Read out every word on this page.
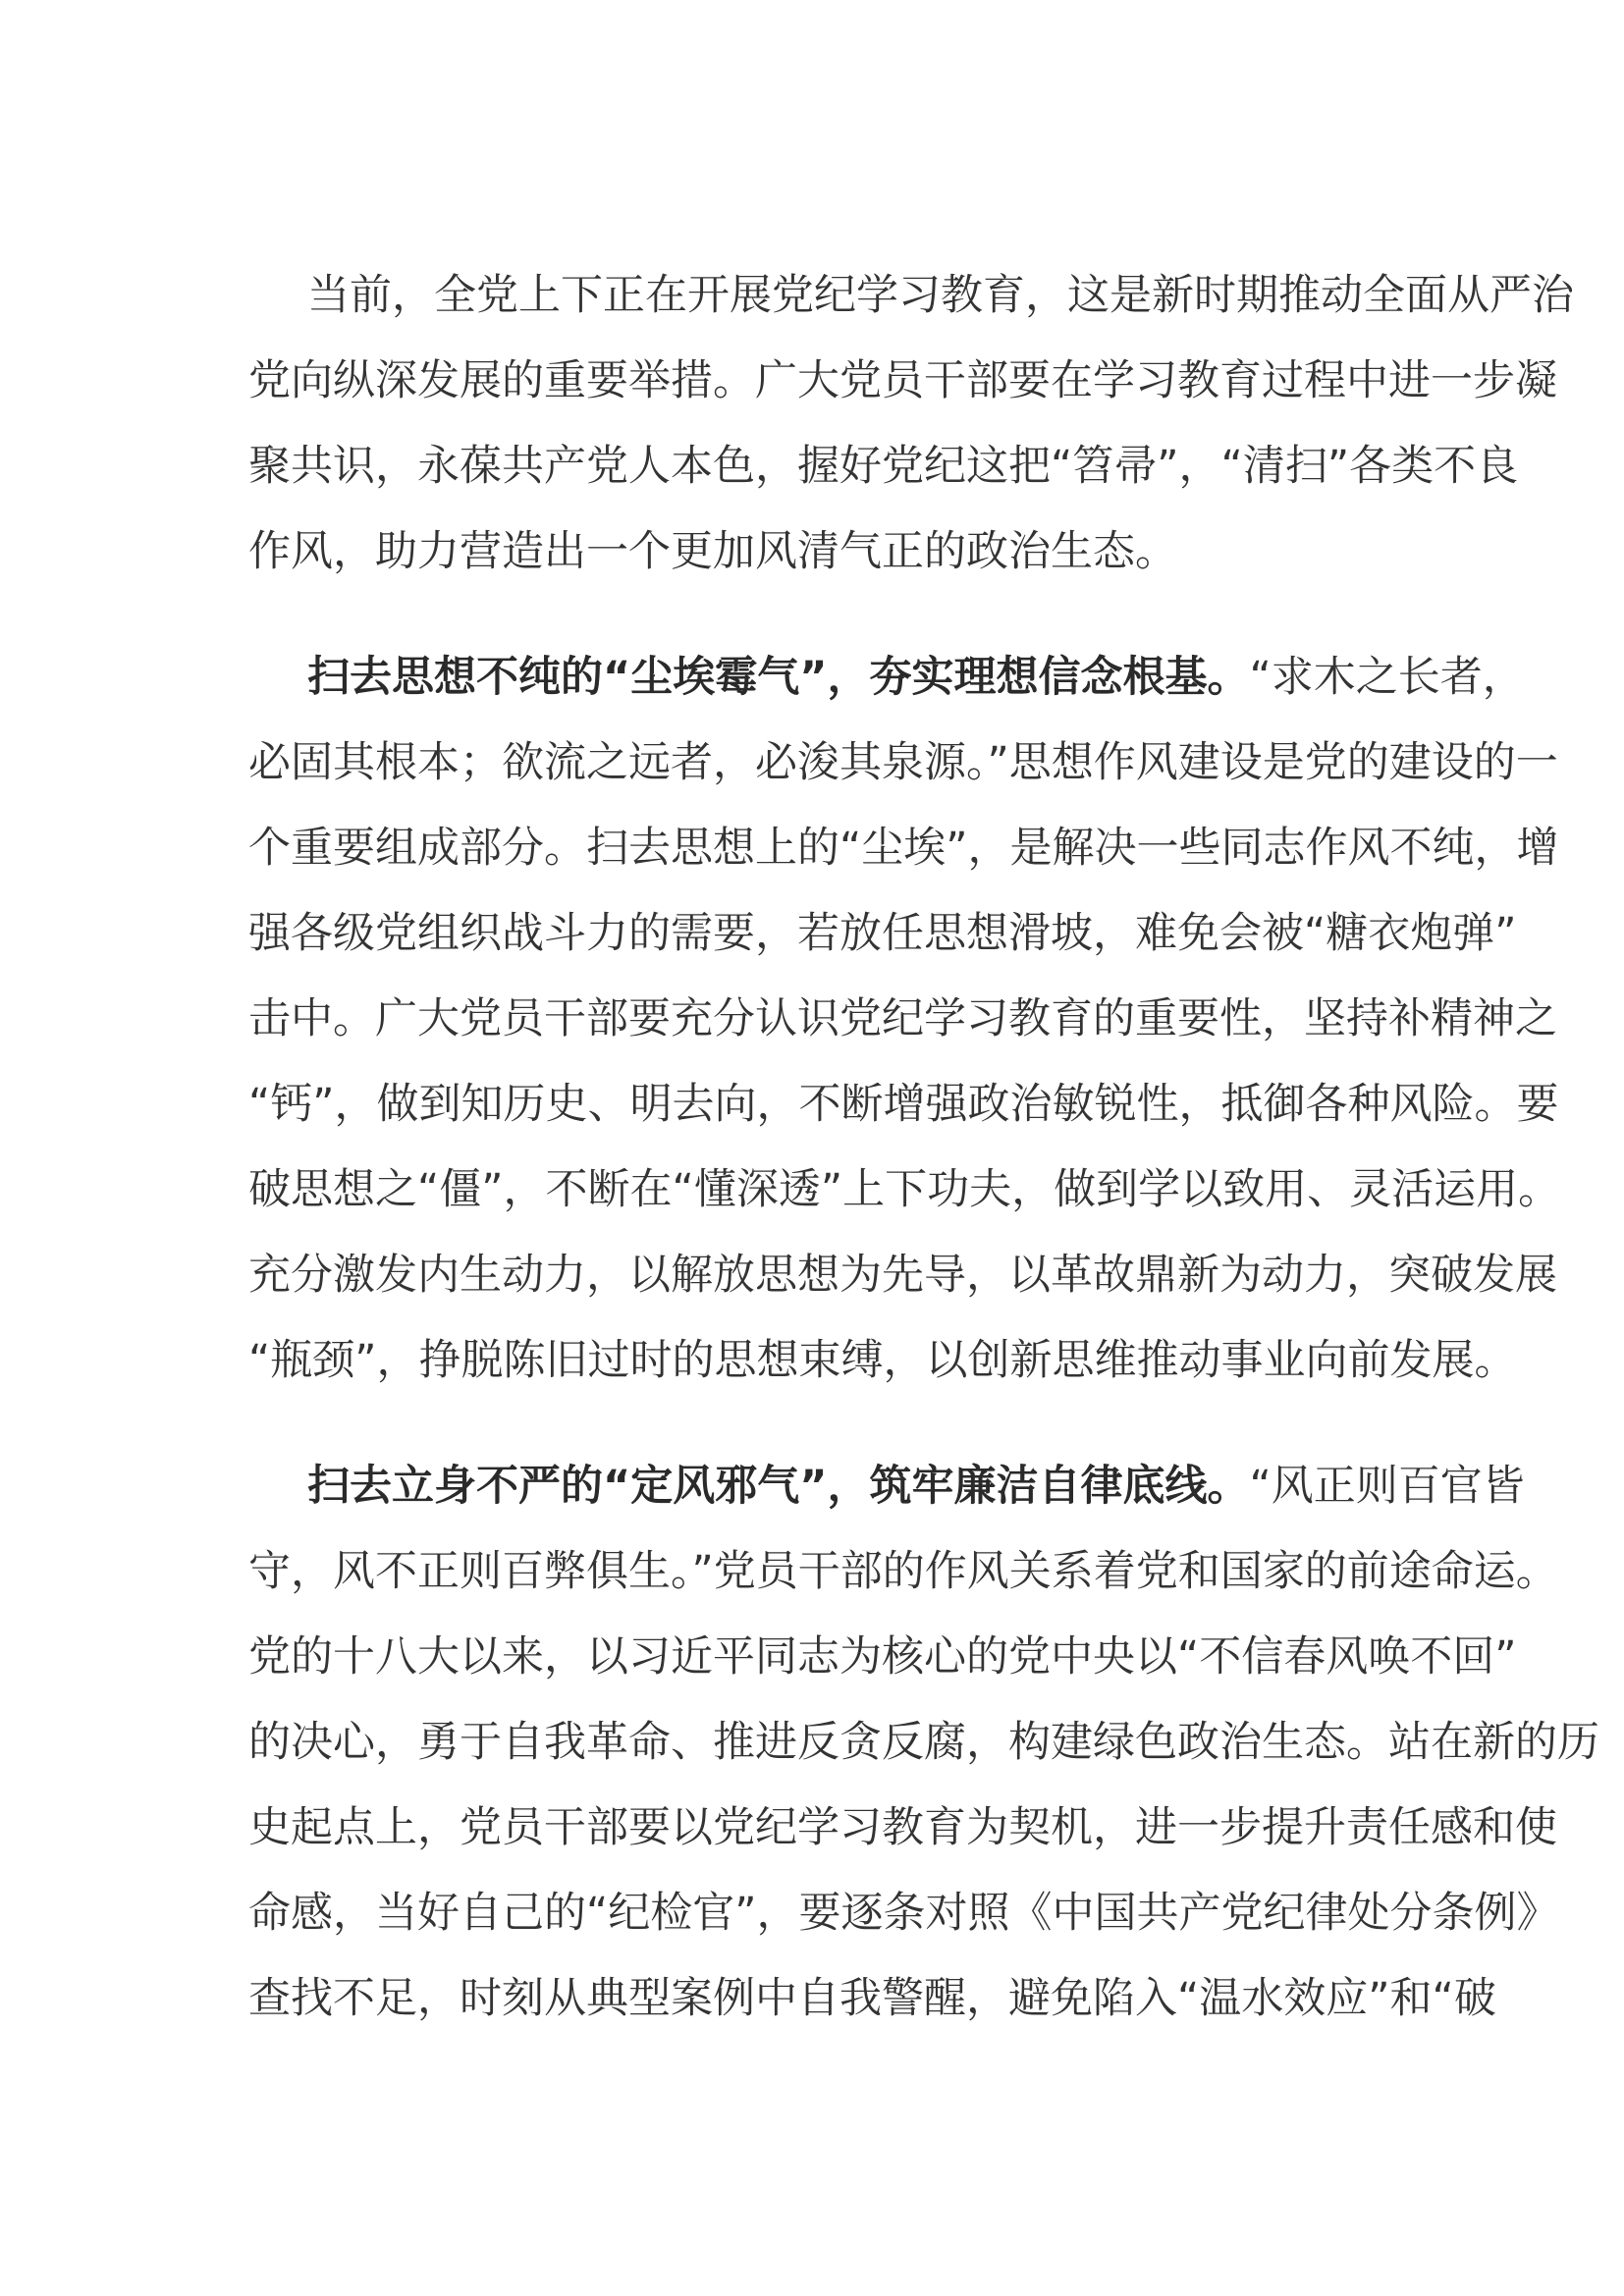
当前，全党上下正在开展党纪学习教育，这是新时期推动全面从严治
党向纵深发展的重要举措。广大党员干部要在学习教育过程中进一步凝
聚共识，永葆共产党人本色，握好党纪这把“笤帚”，“清扫”各类不良
作风，助力营造出一个更加风清气正的政治生态。
扫去思想不纯的“尘埃霉气”，夯实理想信念根基。“求木之长者，
必固其根本；欲流之远者，必浚其泉源。”思想作风建设是党的建设的一
个重要组成部分。扫去思想上的“尘埃”，是解决一些同志作风不纯，增
强各级党组织战斗力的需要，若放任思想滑坡，难免会被“糖衣炮弹”
击中。广大党员干部要充分认识党纪学习教育的重要性，坚持补精神之
“钙”，做到知历史、明去向，不断增强政治敏锐性，抵御各种风险。要
破思想之“僵”，不断在“懂深透”上下功夫，做到学以致用、灵活运用。
充分激发内生动力，以解放思想为先导，以革故鼎新为动力，突破发展
“瓶颈”，挣脱陈旧过时的思想束缚，以创新思维推动事业向前发展。
扫去立身不严的“定风邪气”，筑牢廉洁自律底线。“风正则百官皆
守，风不正则百弊俱生。”党员干部的作风关系着党和国家的前途命运。
党的十八大以来，以习近平同志为核心的党中央以“不信春风唤不回”
的决心，勇于自我革命、推进反贪反腐，构建绿色政治生态。站在新的历
史起点上，党员干部要以党纪学习教育为契机，进一步提升责任感和使
命感，当好自己的“纪检官”，要逐条对照《中国共产党纪律处分条例》
查找不足，时刻从典型案例中自我警醒，避免陷入“温水效应”和“破
